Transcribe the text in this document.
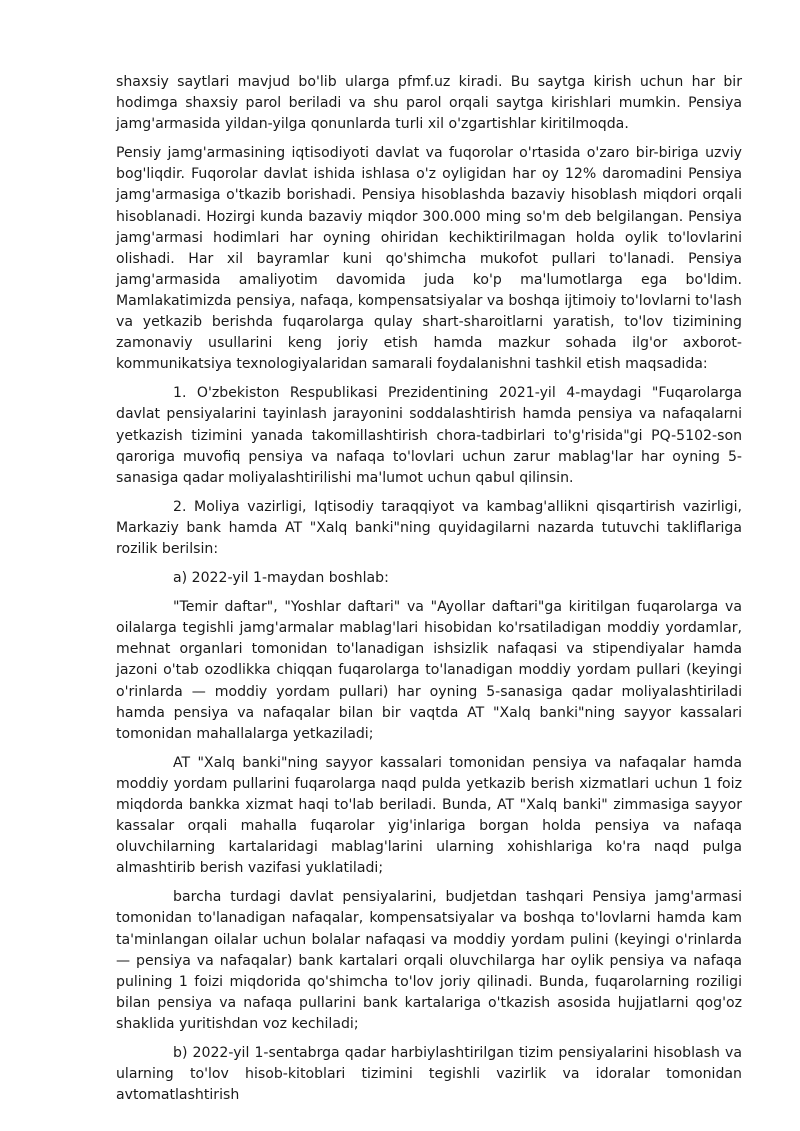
shaxsiy saytlari mavjud bo'lib ularga pfmf.uz kiradi. Bu saytga kirish uchun har bir hodimga shaxsiy parol beriladi va shu parol orqali saytga kirishlari mumkin. Pensiya jamg'armasida yildan-yilga qonunlarda turli xil o'zgartishlar kiritilmoqda.

Pensiy jamg'armasining iqtisodiyoti davlat va fuqorolar o'rtasida o'zaro bir-biriga uzviy bog'liqdir. Fuqorolar davlat ishida ishlasa o'z oyligidan har oy 12% daromadini Pensiya jamg'armasiga o'tkazib borishadi. Pensiya hisoblashda bazaviy hisoblash miqdori orqali hisoblanadi. Hozirgi kunda bazaviy miqdor 300.000 ming so'm deb belgilangan. Pensiya jamg'armasi hodimlari har oyning ohiridan kechiktirilmagan holda oylik to'lovlarini olishadi. Har xil bayramlar kuni qo'shimcha mukofot pullari to'lanadi. Pensiya jamg'armasida amaliyotim davomida juda ko'p ma'lumotlarga ega bo'ldim. Mamlakatimizda pensiya, nafaqa, kompensatsiyalar va boshqa ijtimoiy to'lovlarni to'lash va yetkazib berishda fuqarolarga qulay shart-sharoitlarni yaratish, to'lov tizimining zamonaviy usullarini keng joriy etish hamda mazkur sohada ilg'or axborot-kommunikatsiya texnologiyalaridan samarali foydalanishni tashkil etish maqsadida:

1. O'zbekiston Respublikasi Prezidentining 2021-yil 4-maydagi "Fuqarolarga davlat pensiyalarini tayinlash jarayonini soddalashtirish hamda pensiya va nafaqalarni yetkazish tizimini yanada takomillashtirish chora-tadbirlari to'g'risida"gi PQ-5102-son qaroriga muvofiq pensiya va nafaqa to'lovlari uchun zarur mablag'lar har oyning 5-sanasiga qadar moliyalashtirilishi ma'lumot uchun qabul qilinsin.

2. Moliya vazirligi, Iqtisodiy taraqqiyot va kambag'allikni qisqartirish vazirligi, Markaziy bank hamda AT "Xalq banki"ning quyidagilarni nazarda tutuvchi takliflariga rozilik berilsin:

a) 2022-yil 1-maydan boshlab:

"Temir daftar", "Yoshlar daftari" va "Ayollar daftari"ga kiritilgan fuqarolarga va oilalarga tegishli jamg'armalar mablag'lari hisobidan ko'rsatiladigan moddiy yordamlar, mehnat organlari tomonidan to'lanadigan ishsizlik nafaqasi va stipendiyalar hamda jazoni o'tab ozodlikka chiqqan fuqarolarga to'lanadigan moddiy yordam pullari (keyingi o'rinlarda — moddiy yordam pullari) har oyning 5-sanasiga qadar moliyalashtiriladi hamda pensiya va nafaqalar bilan bir vaqtda AT "Xalq banki"ning sayyor kassalari tomonidan mahallalarga yetkaziladi;

AT "Xalq banki"ning sayyor kassalari tomonidan pensiya va nafaqalar hamda moddiy yordam pullarini fuqarolarga naqd pulda yetkazib berish xizmatlari uchun 1 foiz miqdorda bankka xizmat haqi to'lab beriladi. Bunda, AT "Xalq banki" zimmasiga sayyor kassalar orqali mahalla fuqarolar yig'inlariga borgan holda pensiya va nafaqa oluvchilarning kartalaridagi mablag'larini ularning xohishlariga ko'ra naqd pulga almashtirib berish vazifasi yuklatiladi;

barcha turdagi davlat pensiyalarini, budjetdan tashqari Pensiya jamg'armasi tomonidan to'lanadigan nafaqalar, kompensatsiyalar va boshqa to'lovlarni hamda kam ta'minlangan oilalar uchun bolalar nafaqasi va moddiy yordam pulini (keyingi o'rinlarda — pensiya va nafaqalar) bank kartalari orqali oluvchilarga har oylik pensiya va nafaqa pulining 1 foizi miqdorida qo'shimcha to'lov joriy qilinadi. Bunda, fuqarolarning roziligi bilan pensiya va nafaqa pullarini bank kartalariga o'tkazish asosida hujjatlarni qog'oz shaklida yuritishdan voz kechiladi;

b) 2022-yil 1-sentabrga qadar harbiylashtirilgan tizim pensiyalarini hisoblash va ularning to'lov hisob-kitoblari tizimini tegishli vazirlik va idoralar tomonidan avtomatlashtirish
